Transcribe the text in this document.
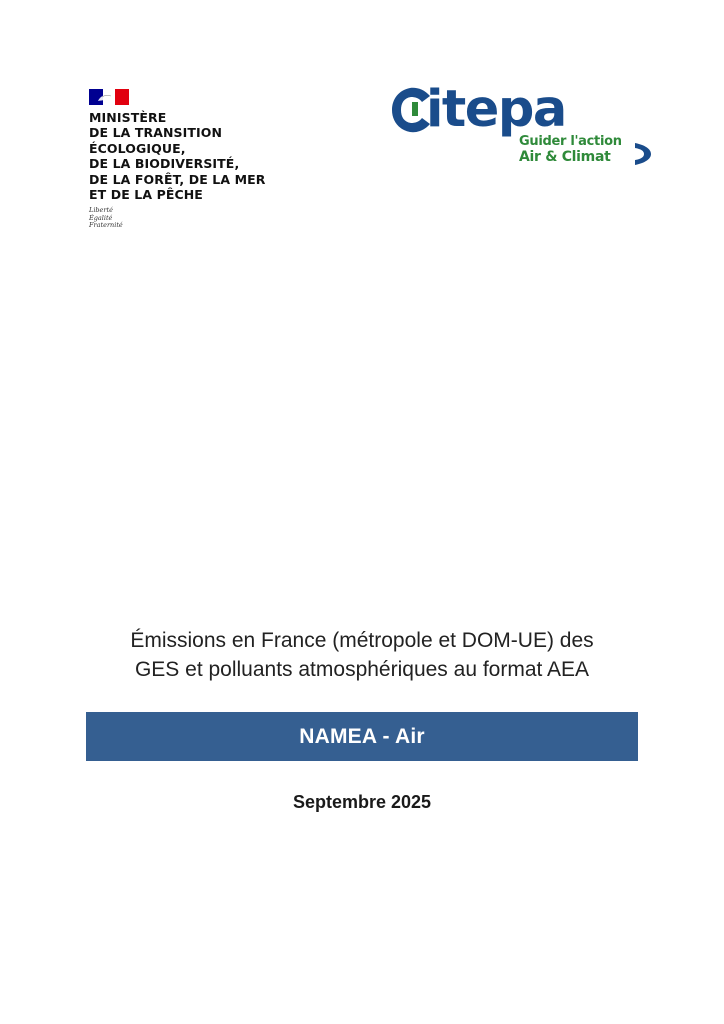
MINISTÈRE
DE LA TRANSITION
ÉCOLOGIQUE,
DE LA BIODIVERSITÉ,
DE LA FORÊT, DE LA MER
ET DE LA PÊCHE
Liberté
Égalité
Fraternité
itepa
Guider l'action
Air & Climat
Émissions en France (métropole et DOM-UE) des
GES et polluants atmosphériques au format AEA
NAMEA - Air
Septembre 2025
